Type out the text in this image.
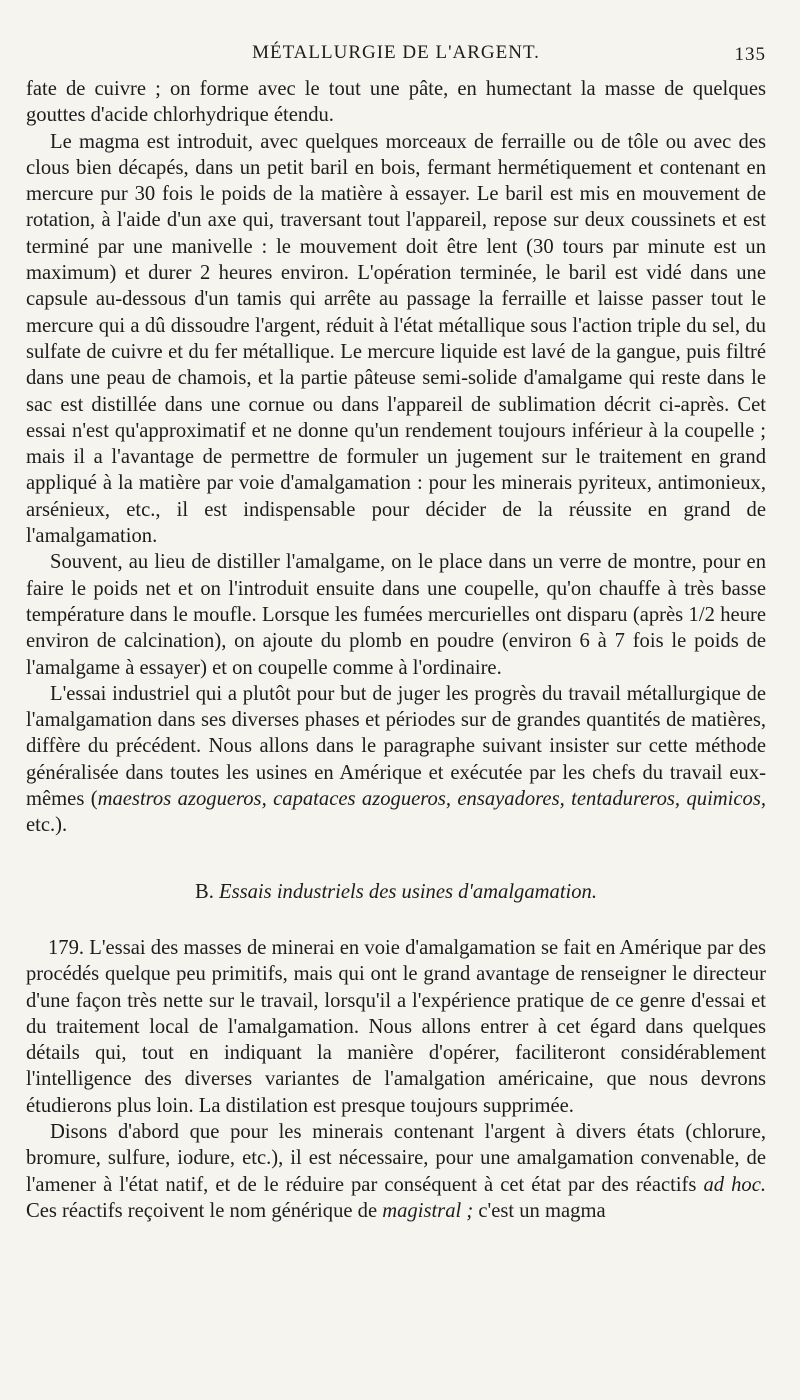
MÉTALLURGIE DE L'ARGENT.	135

fate de cuivre ; on forme avec le tout une pâte, en humectant la masse de quelques gouttes d'acide chlorhydrique étendu.

Le magma est introduit, avec quelques morceaux de ferraille ou de tôle ou avec des clous bien décapés, dans un petit baril en bois, fermant hermétiquement et contenant en mercure pur 30 fois le poids de la matière à essayer. Le baril est mis en mouvement de rotation, à l'aide d'un axe qui, traversant tout l'appareil, repose sur deux coussinets et est terminé par une manivelle : le mouvement doit être lent (30 tours par minute est un maximum) et durer 2 heures environ. L'opération terminée, le baril est vidé dans une capsule au-dessous d'un tamis qui arrête au passage la ferraille et laisse passer tout le mercure qui a dû dissoudre l'argent, réduit à l'état métallique sous l'action triple du sel, du sulfate de cuivre et du fer métallique. Le mercure liquide est lavé de la gangue, puis filtré dans une peau de chamois, et la partie pâteuse semi-solide d'amalgame qui reste dans le sac est distillée dans une cornue ou dans l'appareil de sublimation décrit ci-après. Cet essai n'est qu'approximatif et ne donne qu'un rendement toujours inférieur à la coupelle ; mais il a l'avantage de permettre de formuler un jugement sur le traitement en grand appliqué à la matière par voie d'amalgamation : pour les minerais pyriteux, antimonieux, arsénieux, etc., il est indispensable pour décider de la réussite en grand de l'amalgamation.

Souvent, au lieu de distiller l'amalgame, on le place dans un verre de montre, pour en faire le poids net et on l'introduit ensuite dans une coupelle, qu'on chauffe à très basse température dans le moufle. Lorsque les fumées mercurielles ont disparu (après 1/2 heure environ de calcination), on ajoute du plomb en poudre (environ 6 à 7 fois le poids de l'amalgame à essayer) et on coupelle comme à l'ordinaire.

L'essai industriel qui a plutôt pour but de juger les progrès du travail métallurgique de l'amalgamation dans ses diverses phases et périodes sur de grandes quantités de matières, diffère du précédent. Nous allons dans le paragraphe suivant insister sur cette méthode généralisée dans toutes les usines en Amérique et exécutée par les chefs du travail eux-mêmes (maestros azogueros, capataces azogueros, ensayadores, tentadureros, quimicos, etc.).

B. Essais industriels des usines d'amalgamation.

179. L'essai des masses de minerai en voie d'amalgamation se fait en Amérique par des procédés quelque peu primitifs, mais qui ont le grand avantage de renseigner le directeur d'une façon très nette sur le travail, lorsqu'il a l'expérience pratique de ce genre d'essai et du traitement local de l'amalgamation. Nous allons entrer à cet égard dans quelques détails qui, tout en indiquant la manière d'opérer, faciliteront considérablement l'intelligence des diverses variantes de l'amalgation américaine, que nous devrons étudierons plus loin. La distilation est presque toujours supprimée.

Disons d'abord que pour les minerais contenant l'argent à divers états (chlorure, bromure, sulfure, iodure, etc.), il est nécessaire, pour une amalgamation convenable, de l'amener à l'état natif, et de le réduire par conséquent à cet état par des réactifs ad hoc. Ces réactifs reçoivent le nom générique de magistral ; c'est un magma
